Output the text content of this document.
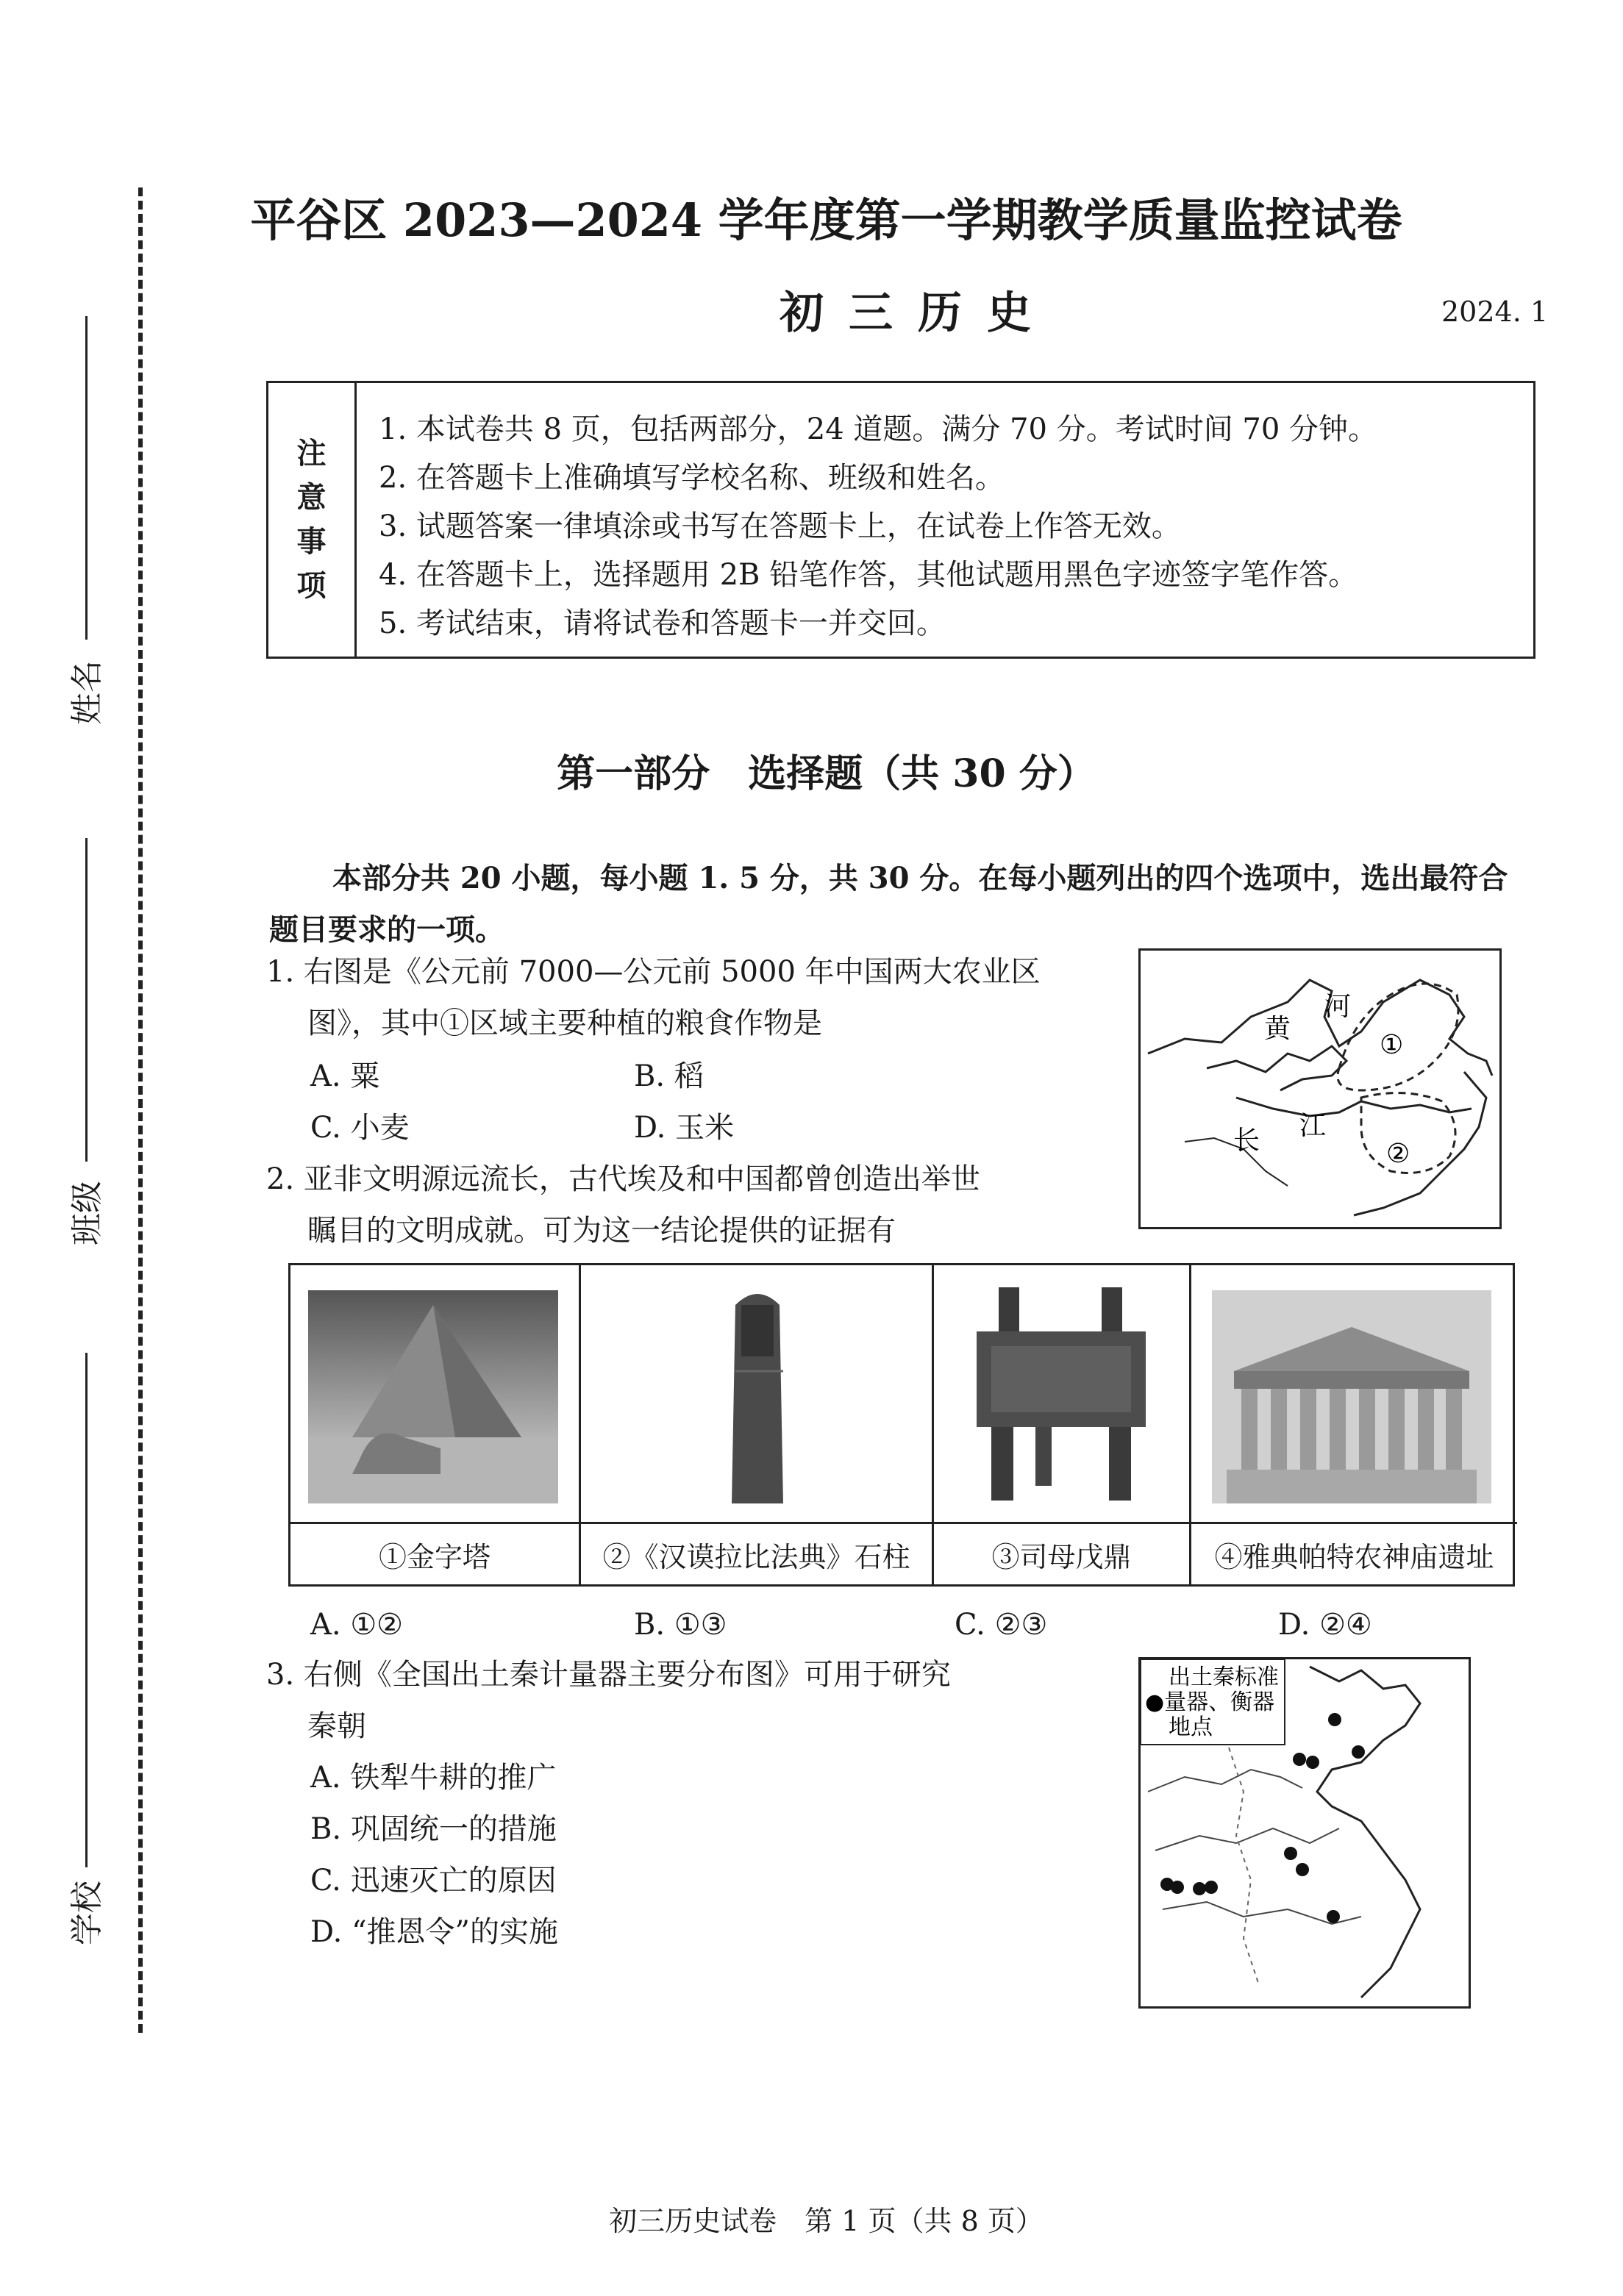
姓名
班级
学校
平谷区 2023—2024 学年度第一学期教学质量监控试卷
初三历史	2024. 1
注
意
事
项
1. 本试卷共 8 页，包括两部分，24 道题。满分 70 分。考试时间 70 分钟。
2. 在答题卡上准确填写学校名称、班级和姓名。
3. 试题答案一律填涂或书写在答题卡上，在试卷上作答无效。
4. 在答题卡上，选择题用 2B 铅笔作答，其他试题用黑色字迹签字笔作答。
5. 考试结束，请将试卷和答题卡一并交回。
第一部分　选择题（共 30 分）
本部分共 20 小题，每小题 1. 5 分，共 30 分。在每小题列出的四个选项中，选出最符合题目要求的一项。
1. 右图是《公元前 7000—公元前 5000 年中国两大农业区
图》，其中①区域主要种植的粮食作物是
A. 粟	B. 稻
C. 小麦	D. 玉米
黄
河
①
长 江
②
2. 亚非文明源远流长，古代埃及和中国都曾创造出举世
瞩目的文明成就。可为这一结论提供的证据有
①金字塔	②《汉谟拉比法典》石柱	③司母戊鼎	④雅典帕特农神庙遗址
A. ①②	B. ①③	C. ②③	D. ②④
3. 右侧《全国出土秦计量器主要分布图》可用于研究
秦朝
A. 铁犁牛耕的推广
B. 巩固统一的措施
C. 迅速灭亡的原因
D. “推恩令”的实施
出土秦标准
●量器、衡器
地点
初三历史试卷　第 1 页（共 8 页）
